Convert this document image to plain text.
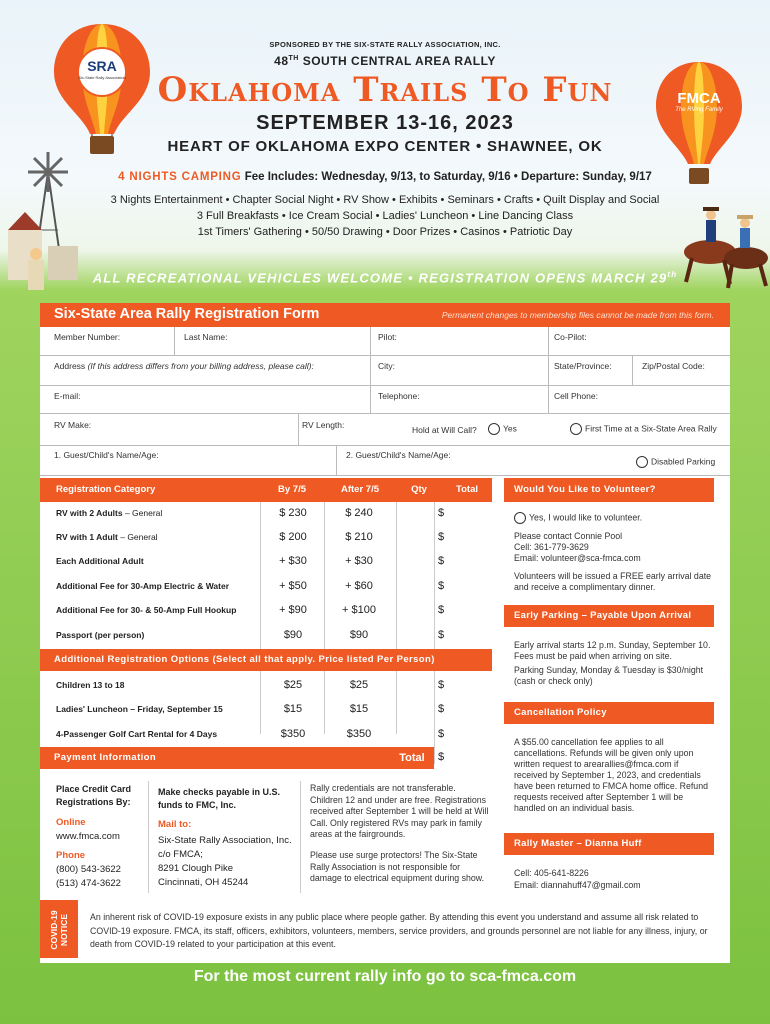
SRA
Six-State Rally Association
FMCA
The RVing Family
SPONSORED BY THE SIX-STATE RALLY ASSOCIATION, INC.
48TH SOUTH CENTRAL AREA RALLY
Oklahoma Trails To Fun
SEPTEMBER 13-16, 2023
HEART OF OKLAHOMA EXPO CENTER • SHAWNEE, OK
4 NIGHTS CAMPING Fee Includes: Wednesday, 9/13, to Saturday, 9/16 • Departure: Sunday, 9/17
3 Nights Entertainment • Chapter Social Night • RV Show • Exhibits • Seminars • Crafts • Quilt Display and Social
3 Full Breakfasts • Ice Cream Social • Ladies' Luncheon • Line Dancing Class
1st Timers' Gathering • 50/50 Drawing • Door Prizes • Casinos • Patriotic Day
ALL RECREATIONAL VEHICLES WELCOME • REGISTRATION OPENS MARCH 29th
Six-State Area Rally Registration Form	Permanent changes to membership files cannot be made from this form.
Member Number:	Last Name:	Pilot:	Co-Pilot:
Address (If this address differs from your billing address, please call):	City:	State/Province:	Zip/Postal Code:
E-mail:	Telephone:	Cell Phone:
RV Make:	RV Length:	Hold at Will Call?	Yes	First Time at a Six-State Area Rally
1. Guest/Child's Name/Age:	2. Guest/Child's Name/Age:
Disabled Parking
Registration Category	By 7/5	After 7/5	Qty	Total
RV with 2 Adults – General	$ 230	$ 240	$
RV with 1 Adult – General	$ 200	$ 210	$
Each Additional Adult	+ $30	+ $30	$
Additional Fee for 30-Amp Electric & Water	+ $50	+ $60	$
Additional Fee for 30- & 50-Amp Full Hookup	+ $90	+ $100	$
Passport (per person)	$90	$90	$
Additional Registration Options (Select all that apply. Price listed Per Person)
Children 13 to 18	$25	$25	$
Ladies' Luncheon – Friday, September 15	$15	$15	$
4-Passenger Golf Cart Rental for 4 Days	$350	$350	$
Payment Information	Total	$
Place Credit Card Registrations By:
Online
www.fmca.com
Phone
(800) 543-3622
(513) 474-3622
Make checks payable in U.S. funds to FMC, Inc.
Mail to:
Six-State Rally Association, Inc.
c/o FMCA;
8291 Clough Pike
Cincinnati, OH 45244
Rally credentials are not transferable. Children 12 and under are free. Registrations received after September 1 will be held at Will Call. Only registered RVs may park in family areas at the fairgrounds.
Please use surge protectors! The Six-State Rally Association is not responsible for damage to electrical equipment during show.
Would You Like to Volunteer?
Yes, I would like to volunteer.
Please contact Connie Pool
Cell: 361-779-3629
Email: volunteer@sca-fmca.com
Volunteers will be issued a FREE early arrival date and receive a complimentary dinner.
Early Parking – Payable Upon Arrival
Early arrival starts 12 p.m. Sunday, September 10. Fees must be paid when arriving on site.
Parking Sunday, Monday & Tuesday is $30/night (cash or check only)
Cancellation Policy
A $55.00 cancellation fee applies to all cancellations. Refunds will be given only upon written request to arearallies@fmca.com if received by September 1, 2023, and credentials have been returned to FMCA home office. Refund requests received after September 1 will be handled on an individual basis.
Rally Master – Dianna Huff
Cell: 405-641-8226
Email: diannahuff47@gmail.com
COVID-19 NOTICE An inherent risk of COVID-19 exposure exists in any public place where people gather. By attending this event you understand and assume all risk related to COVID-19 exposure. FMCA, its staff, officers, exhibitors, volunteers, members, service providers, and grounds personnel are not liable for any illness, injury, or death from COVID-19 related to your participation at this event.
For the most current rally info go to sca-fmca.com
